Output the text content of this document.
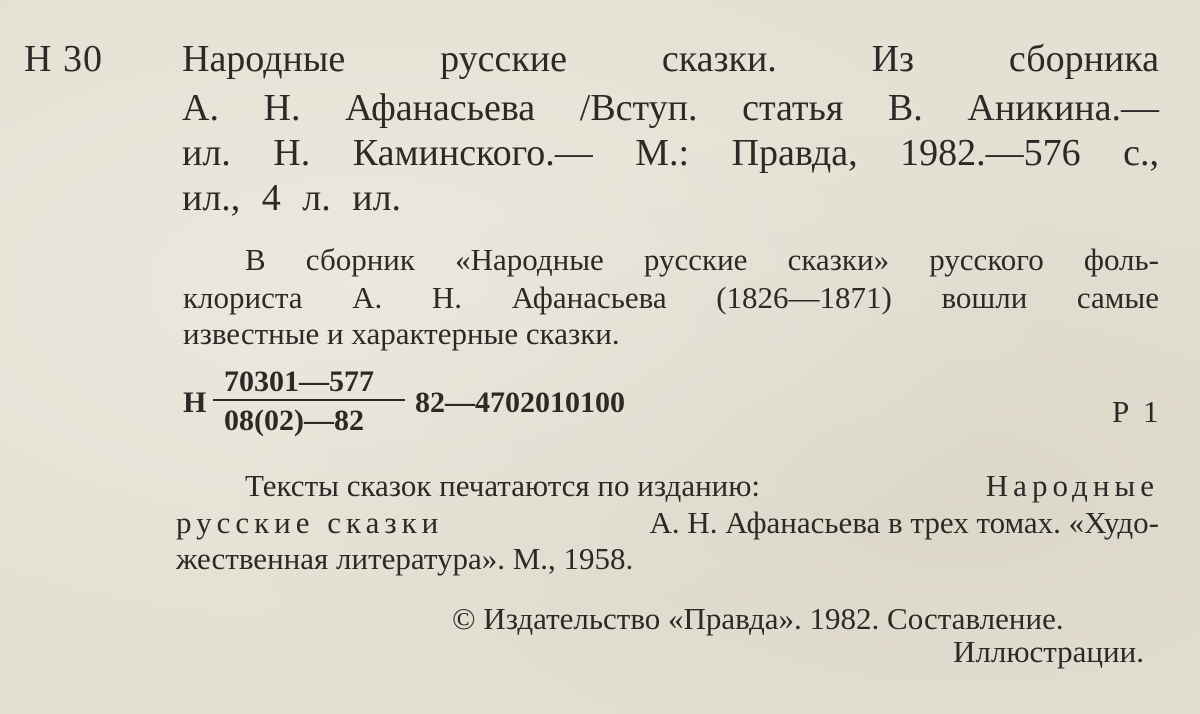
Н 30 Народные русские сказки. Из сборника
А. Н. Афанасьева /Вступ. статья В. Аникина.—
ил. Н. Каминского.— М.: Правда, 1982.—576 с.,
ил., 4 л. ил.
В сборник «Народные русские сказки» русского фоль-
клориста А. Н. Афанасьева (1826—1871) вошли самые
известные и характерные сказки.
Н
70301—577
08(02)—82
82—4702010100	Р 1
Тексты сказок печатаются по изданию:	Народные
русские сказки	А. Н. Афанасьева в трех томах. «Худо-
жественная литература». М., 1958.
© Издательство «Правда». 1982. Составление.
Иллюстрации.
